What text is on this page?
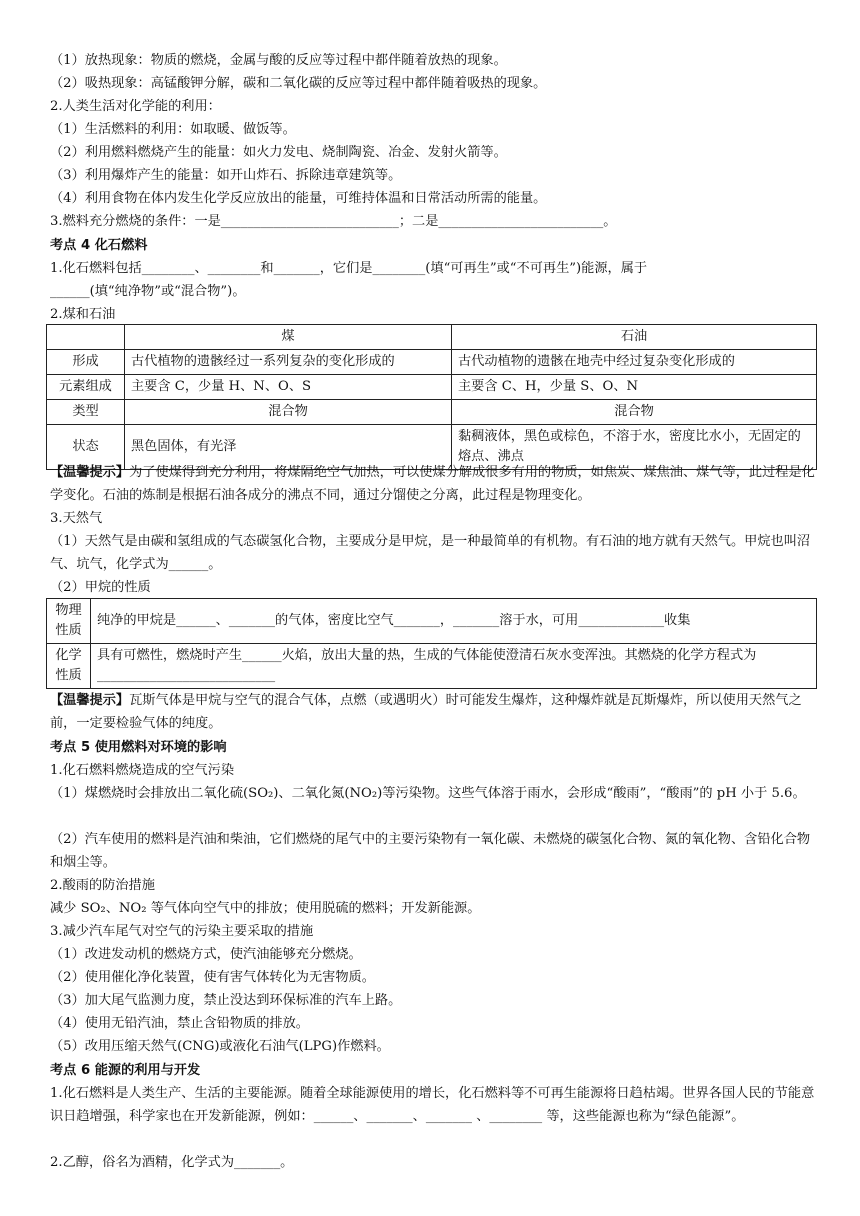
（1）放热现象：物质的燃烧，金属与酸的反应等过程中都伴随着放热的现象。
（2）吸热现象：高锰酸钾分解，碳和二氧化碳的反应等过程中都伴随着吸热的现象。
2.人类生活对化学能的利用：
（1）生活燃料的利用：如取暖、做饭等。
（2）利用燃料燃烧产生的能量：如火力发电、烧制陶瓷、冶金、发射火箭等。
（3）利用爆炸产生的能量：如开山炸石、拆除违章建筑等。
（4）利用食物在体内发生化学反应放出的能量，可维持体温和日常活动所需的能量。
3.燃料充分燃烧的条件：一是___________________________；二是_________________________。
考点 4 化石燃料
1.化石燃料包括________、________和_______，它们是________(填“可再生”或“不可再生”)能源，属于
______(填“纯净物”或“混合物”)。
2.煤和石油
	煤	石油
形成	古代植物的遗骸经过一系列复杂的变化形成的	古代动植物的遗骸在地壳中经过复杂变化形成的
元素组成	主要含 C，少量 H、N、O、S	主要含 C、H，少量 S、O、N
类型	混合物	混合物
状态	黑色固体，有光泽	黏稠液体，黑色或棕色，不溶于水，密度比水小，无固定的熔点、沸点
【温馨提示】为了使煤得到充分利用，将煤隔绝空气加热，可以使煤分解成很多有用的物质，如焦炭、煤焦油、煤气等，此过程是化学变化。石油的炼制是根据石油各成分的沸点不同，通过分馏使之分离，此过程是物理变化。
3.天然气
（1）天然气是由碳和氢组成的气态碳氢化合物，主要成分是甲烷，是一种最简单的有机物。有石油的地方就有天然气。甲烷也叫沼气、坑气，化学式为______。
（2）甲烷的性质
物理性质	纯净的甲烷是______、_______的气体，密度比空气_______，_______溶于水，可用_____________收集
化学性质	具有可燃性，燃烧时产生______火焰，放出大量的热，生成的气体能使澄清石灰水变浑浊。其燃烧的化学方程式为___________________________
【温馨提示】瓦斯气体是甲烷与空气的混合气体，点燃（或遇明火）时可能发生爆炸，这种爆炸就是瓦斯爆炸，所以使用天然气之前，一定要检验气体的纯度。
考点 5 使用燃料对环境的影响
1.化石燃料燃烧造成的空气污染
（1）煤燃烧时会排放出二氧化硫(SO₂)、二氧化氮(NO₂)等污染物。这些气体溶于雨水，会形成“酸雨”，“酸雨”的 pH 小于 5.6。
（2）汽车使用的燃料是汽油和柴油，它们燃烧的尾气中的主要污染物有一氧化碳、未燃烧的碳氢化合物、氮的氧化物、含铅化合物和烟尘等。
2.酸雨的防治措施
减少 SO₂、NO₂ 等气体向空气中的排放；使用脱硫的燃料；开发新能源。
3.减少汽车尾气对空气的污染主要采取的措施
（1）改进发动机的燃烧方式，使汽油能够充分燃烧。
（2）使用催化净化装置，使有害气体转化为无害物质。
（3）加大尾气监测力度，禁止没达到环保标准的汽车上路。
（4）使用无铅汽油，禁止含铅物质的排放。
（5）改用压缩天然气(CNG)或液化石油气(LPG)作燃料。
考点 6 能源的利用与开发
1.化石燃料是人类生产、生活的主要能源。随着全球能源使用的增长，化石燃料等不可再生能源将日趋枯竭。世界各国人民的节能意识日趋增强，科学家也在开发新能源，例如：______、_______、_______ 、________ 等，这些能源也称为“绿色能源”。
2.乙醇，俗名为酒精，化学式为_______。
